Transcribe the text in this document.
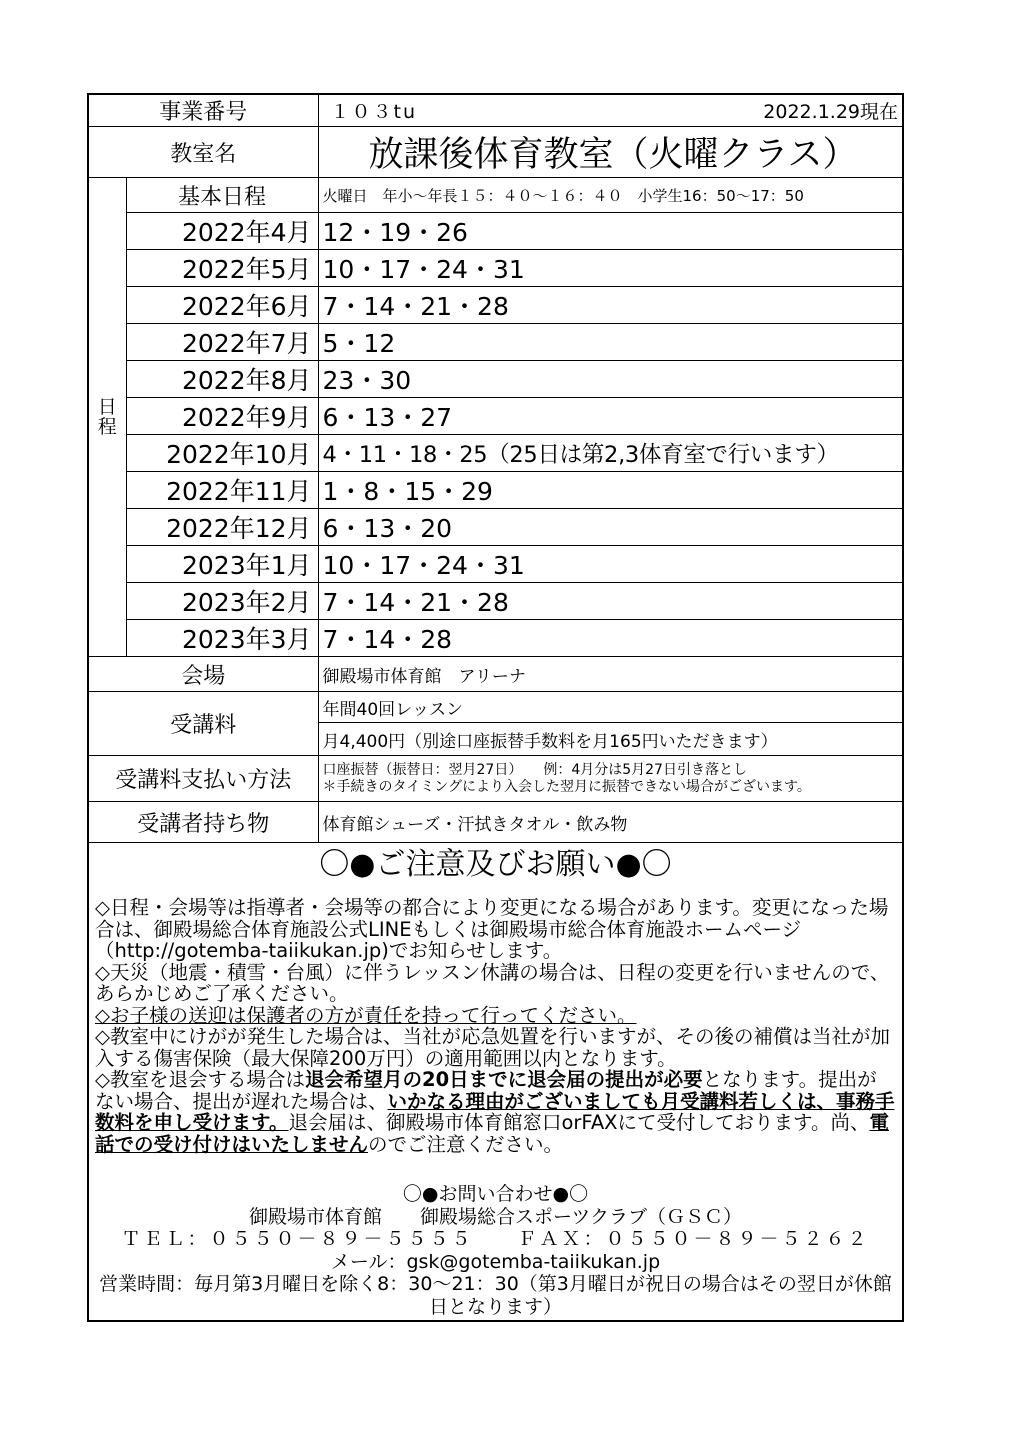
事業番号		１０３tu 2022.1.29現在

教室名		放課後体育教室（火曜クラス）

日
程	基本日程	火曜日　年小～年長１５：４０～１６：４０　小学生16：50～17：50
	2022年4月	12・19・26
	2022年5月	10・17・24・31
	2022年6月	7・14・21・28
	2022年7月	5・12
	2022年8月	23・30
	2022年9月	6・13・27
	2022年10月	4・11・18・25（25日は第2,3体育室で行います）
	2022年11月	1・8・15・29
	2022年12月	6・13・20
	2023年1月	10・17・24・31
	2023年2月	7・14・21・28
	2023年3月	7・14・28
会場		御殿場市体育館　アリーナ
受講料		年間40回レッスン
		月4,400円（別途口座振替手数料を月165円いただきます）
受講料支払い方法		口座振替（振替日：翌月27日）　　例：4月分は5月27日引き落とし
＊手続きのタイミングにより入会した翌月に振替できない場合がございます。

受講者持ち物		体育館シューズ・汗拭きタオル・飲み物
〇●ご注意及びお願い●〇
◇日程・会場等は指導者・会場等の都合により変更になる場合があります。変更になった場合は、御殿場総合体育施設公式LINEもしくは御殿場市総合体育施設ホームページ（http://gotemba-taiikukan.jp)でお知らせします。
◇天災（地震・積雪・台風）に伴うレッスン休講の場合は、日程の変更を行いませんので、あらかじめご了承ください。
◇お子様の送迎は保護者の方が責任を持って行ってください。
◇教室中にけがが発生した場合は、当社が応急処置を行いますが、その後の補償は当社が加入する傷害保険（最大保障200万円）の適用範囲以内となります。
◇教室を退会する場合は退会希望月の20日までに退会届の提出が必要となります。提出がない場合、提出が遅れた場合は、いかなる理由がございましても月受講料若しくは、事務手数料を申し受けます。退会届は、御殿場市体育館窓口orFAXにて受付しております。尚、電話での受け付けはいたしませんのでご注意ください。
〇●お問い合わせ●〇
御殿場市体育館　　御殿場総合スポーツクラブ（ＧＳＣ）
ＴＥＬ：０５５０－８９－５５５５　　ＦＡＸ：０５５０－８９－５２６２
メール：gsk@gotemba-taiikukan.jp
営業時間：毎月第3月曜日を除く8：30～21：30（第3月曜日が祝日の場合はその翌日が休館日となります）
